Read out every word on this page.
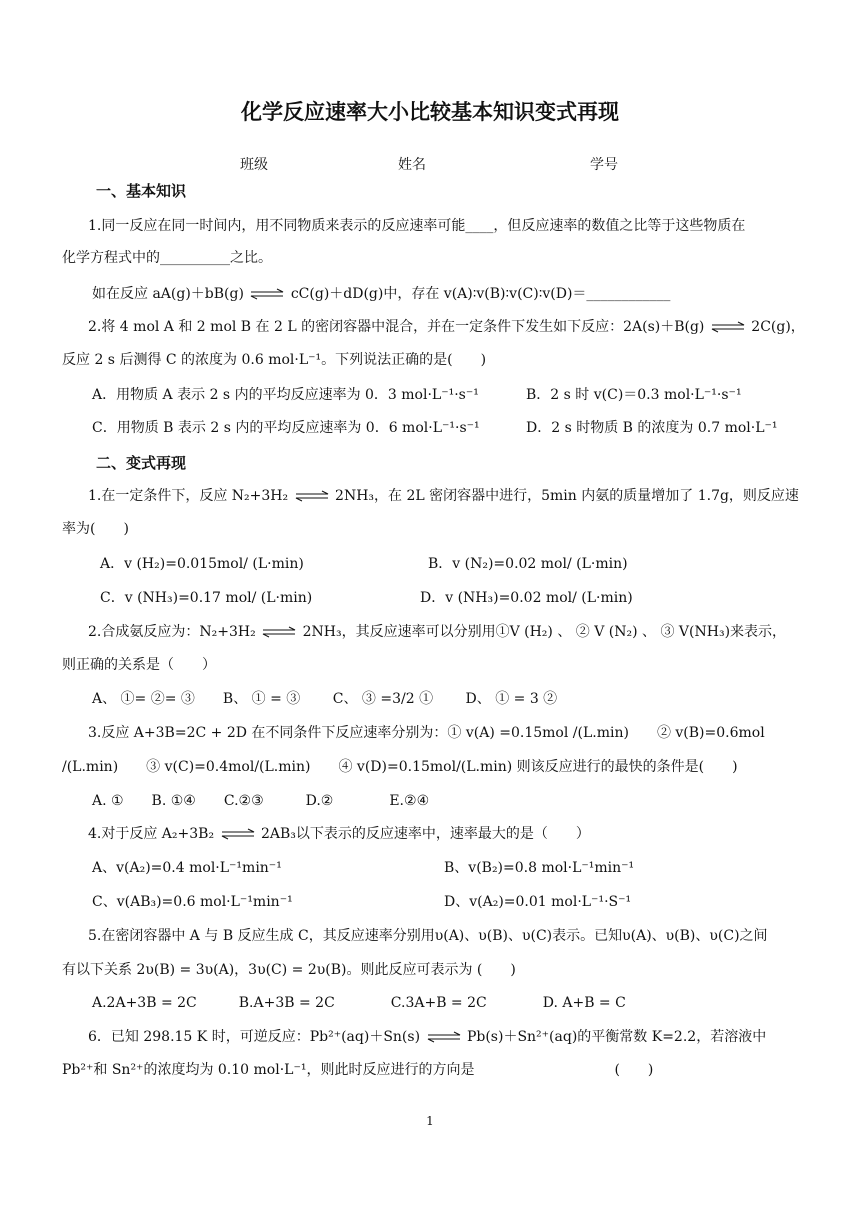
化学反应速率大小比较基本知识变式再现
班级	姓名	学号
一、基本知识
1.同一反应在同一时间内，用不同物质来表示的反应速率可能____，但反应速率的数值之比等于这些物质在
化学方程式中的__________之比。
如在反应 aA(g)＋bB(g) ⇌ cC(g)＋dD(g)中，存在 v(A)∶v(B)∶v(C)∶v(D)＝____________
2.将 4 mol A 和 2 mol B 在 2 L 的密闭容器中混合，并在一定条件下发生如下反应：2A(s)＋B(g) ⇌ 2C(g)，
反应 2 s 后测得 C 的浓度为 0.6 mol·L⁻¹。下列说法正确的是(　　)
A．用物质 A 表示 2 s 内的平均反应速率为 0．3 mol·L⁻¹·s⁻¹	B．2 s 时 v(C)＝0.3 mol·L⁻¹·s⁻¹
C．用物质 B 表示 2 s 内的平均反应速率为 0．6 mol·L⁻¹·s⁻¹	D．2 s 时物质 B 的浓度为 0.7 mol·L⁻¹
二、变式再现
1.在一定条件下，反应 N₂+3H₂ ⇌ 2NH₃，在 2L 密闭容器中进行，5min 内氨的质量增加了 1.7g，则反应速
率为(　　)
A．v (H₂)=0.015mol/ (L·min)	B．v (N₂)=0.02 mol/ (L·min)
C．v (NH₃)=0.17 mol/ (L·min)	D．v (NH₃)=0.02 mol/ (L·min)
2.合成氨反应为：N₂+3H₂ ⇌ 2NH₃，其反应速率可以分别用①V (H₂) 、 ② V (N₂) 、 ③ V(NH₃)来表示，
则正确的关系是（　　）
A、 ①= ②= ③　　B、 ① = ③　　 C、 ③ =3/2 ①　　 D、 ① = 3 ②
3.反应 A+3B=2C + 2D 在不同条件下反应速率分别为：① v(A) =0.15mol /(L.min)　　② v(B)=0.6mol
/(L.min)　　③ v(C)=0.4mol/(L.min)　　④ v(D)=0.15mol/(L.min) 则该反应进行的最快的条件是(　　)
A. ①　　B. ①④　　C.②③　　　D.②　　　　E.②④
4.对于反应 A₂+3B₂ ⇌ 2AB₃以下表示的反应速率中，速率最大的是（　　）
A、v(A₂)=0.4 mol·L⁻¹min⁻¹	B、v(B₂)=0.8 mol·L⁻¹min⁻¹
C、v(AB₃)=0.6 mol·L⁻¹min⁻¹	D、v(A₂)=0.01 mol·L⁻¹·S⁻¹
5.在密闭容器中 A 与 B 反应生成 C，其反应速率分别用υ(A)、υ(B)、υ(C)表示。已知υ(A)、υ(B)、υ(C)之间
有以下关系 2υ(B) = 3υ(A)，3υ(C) = 2υ(B)。则此反应可表示为 (　　)
A.2A+3B = 2C　　　B.A+3B = 2C　　　　C.3A+B = 2C　　　　D. A+B = C
6．已知 298.15 K 时，可逆反应：Pb²⁺(aq)＋Sn(s) ⇌ Pb(s)＋Sn²⁺(aq)的平衡常数 K=2.2，若溶液中
Pb²⁺和 Sn²⁺的浓度均为 0.10 mol·L⁻¹，则此时反应进行的方向是　　　　　　　　　　(　　)
1
